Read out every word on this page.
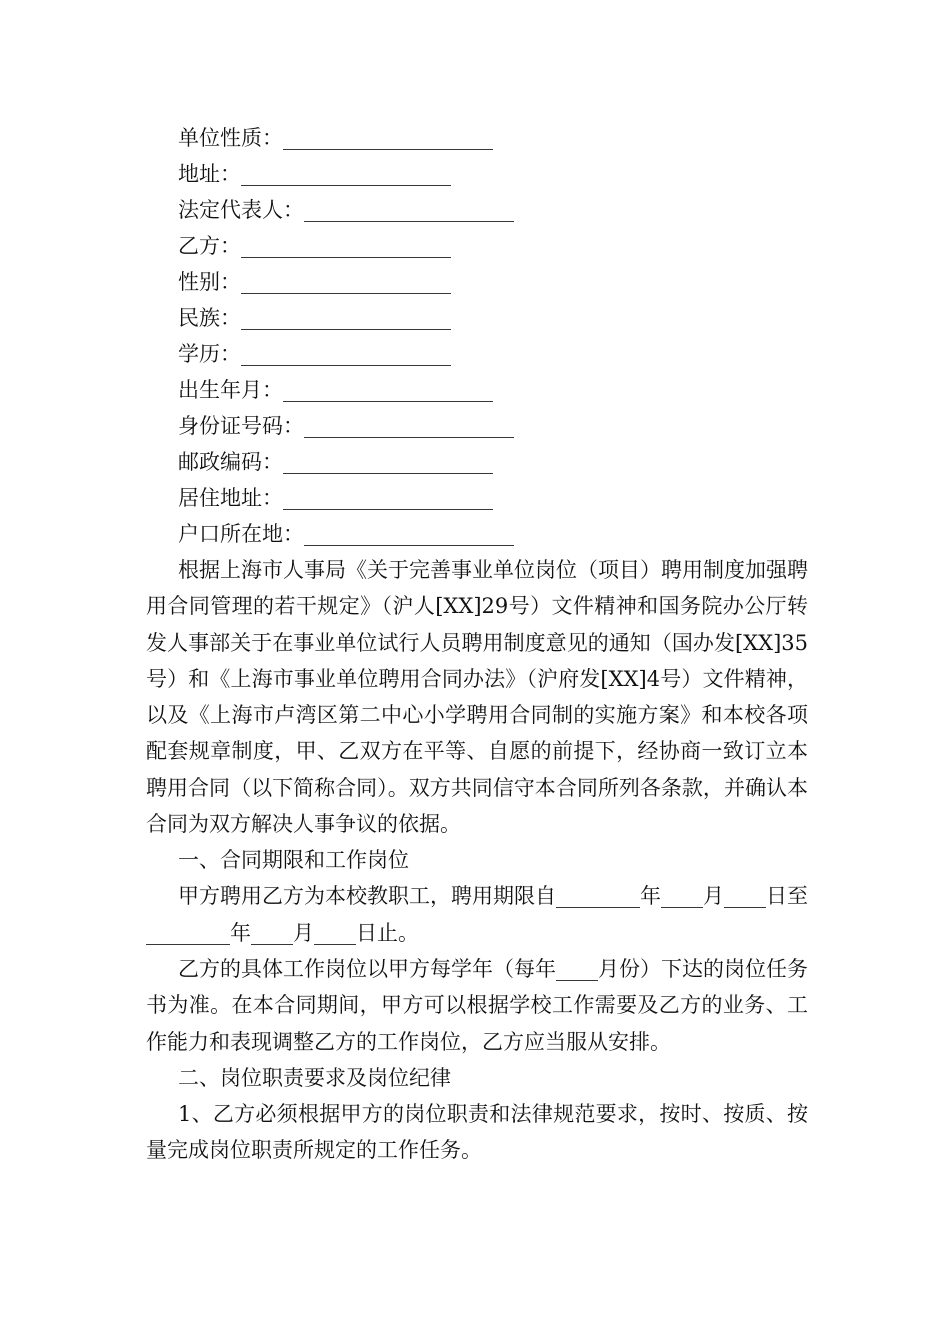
单位性质：____________________
地址：____________________
法定代表人：____________________
乙方：____________________
性别：____________________
民族：____________________
学历：____________________
出生年月：____________________
身份证号码：____________________
邮政编码：____________________
居住地址：____________________
户口所在地：____________________
根据上海市人事局《关于完善事业单位岗位（项目）聘用制度加强聘用合同管理的若干规定》（沪人[XX]29号）文件精神和国务院办公厅转发人事部关于在事业单位试行人员聘用制度意见的通知（国办发[XX]35号）和《上海市事业单位聘用合同办法》（沪府发[XX]4号）文件精神，以及《上海市卢湾区第二中心小学聘用合同制的实施方案》和本校各项配套规章制度，甲、乙双方在平等、自愿的前提下，经协商一致订立本聘用合同（以下简称合同）。双方共同信守本合同所列各条款，并确认本合同为双方解决人事争议的依据。
一、合同期限和工作岗位
甲方聘用乙方为本校教职工，聘用期限自________年____月____日至________年____月____日止。
乙方的具体工作岗位以甲方每学年（每年____月份）下达的岗位任务书为准。在本合同期间，甲方可以根据学校工作需要及乙方的业务、工作能力和表现调整乙方的工作岗位，乙方应当服从安排。
二、岗位职责要求及岗位纪律
1、乙方必须根据甲方的岗位职责和法律规范要求，按时、按质、按量完成岗位职责所规定的工作任务。
